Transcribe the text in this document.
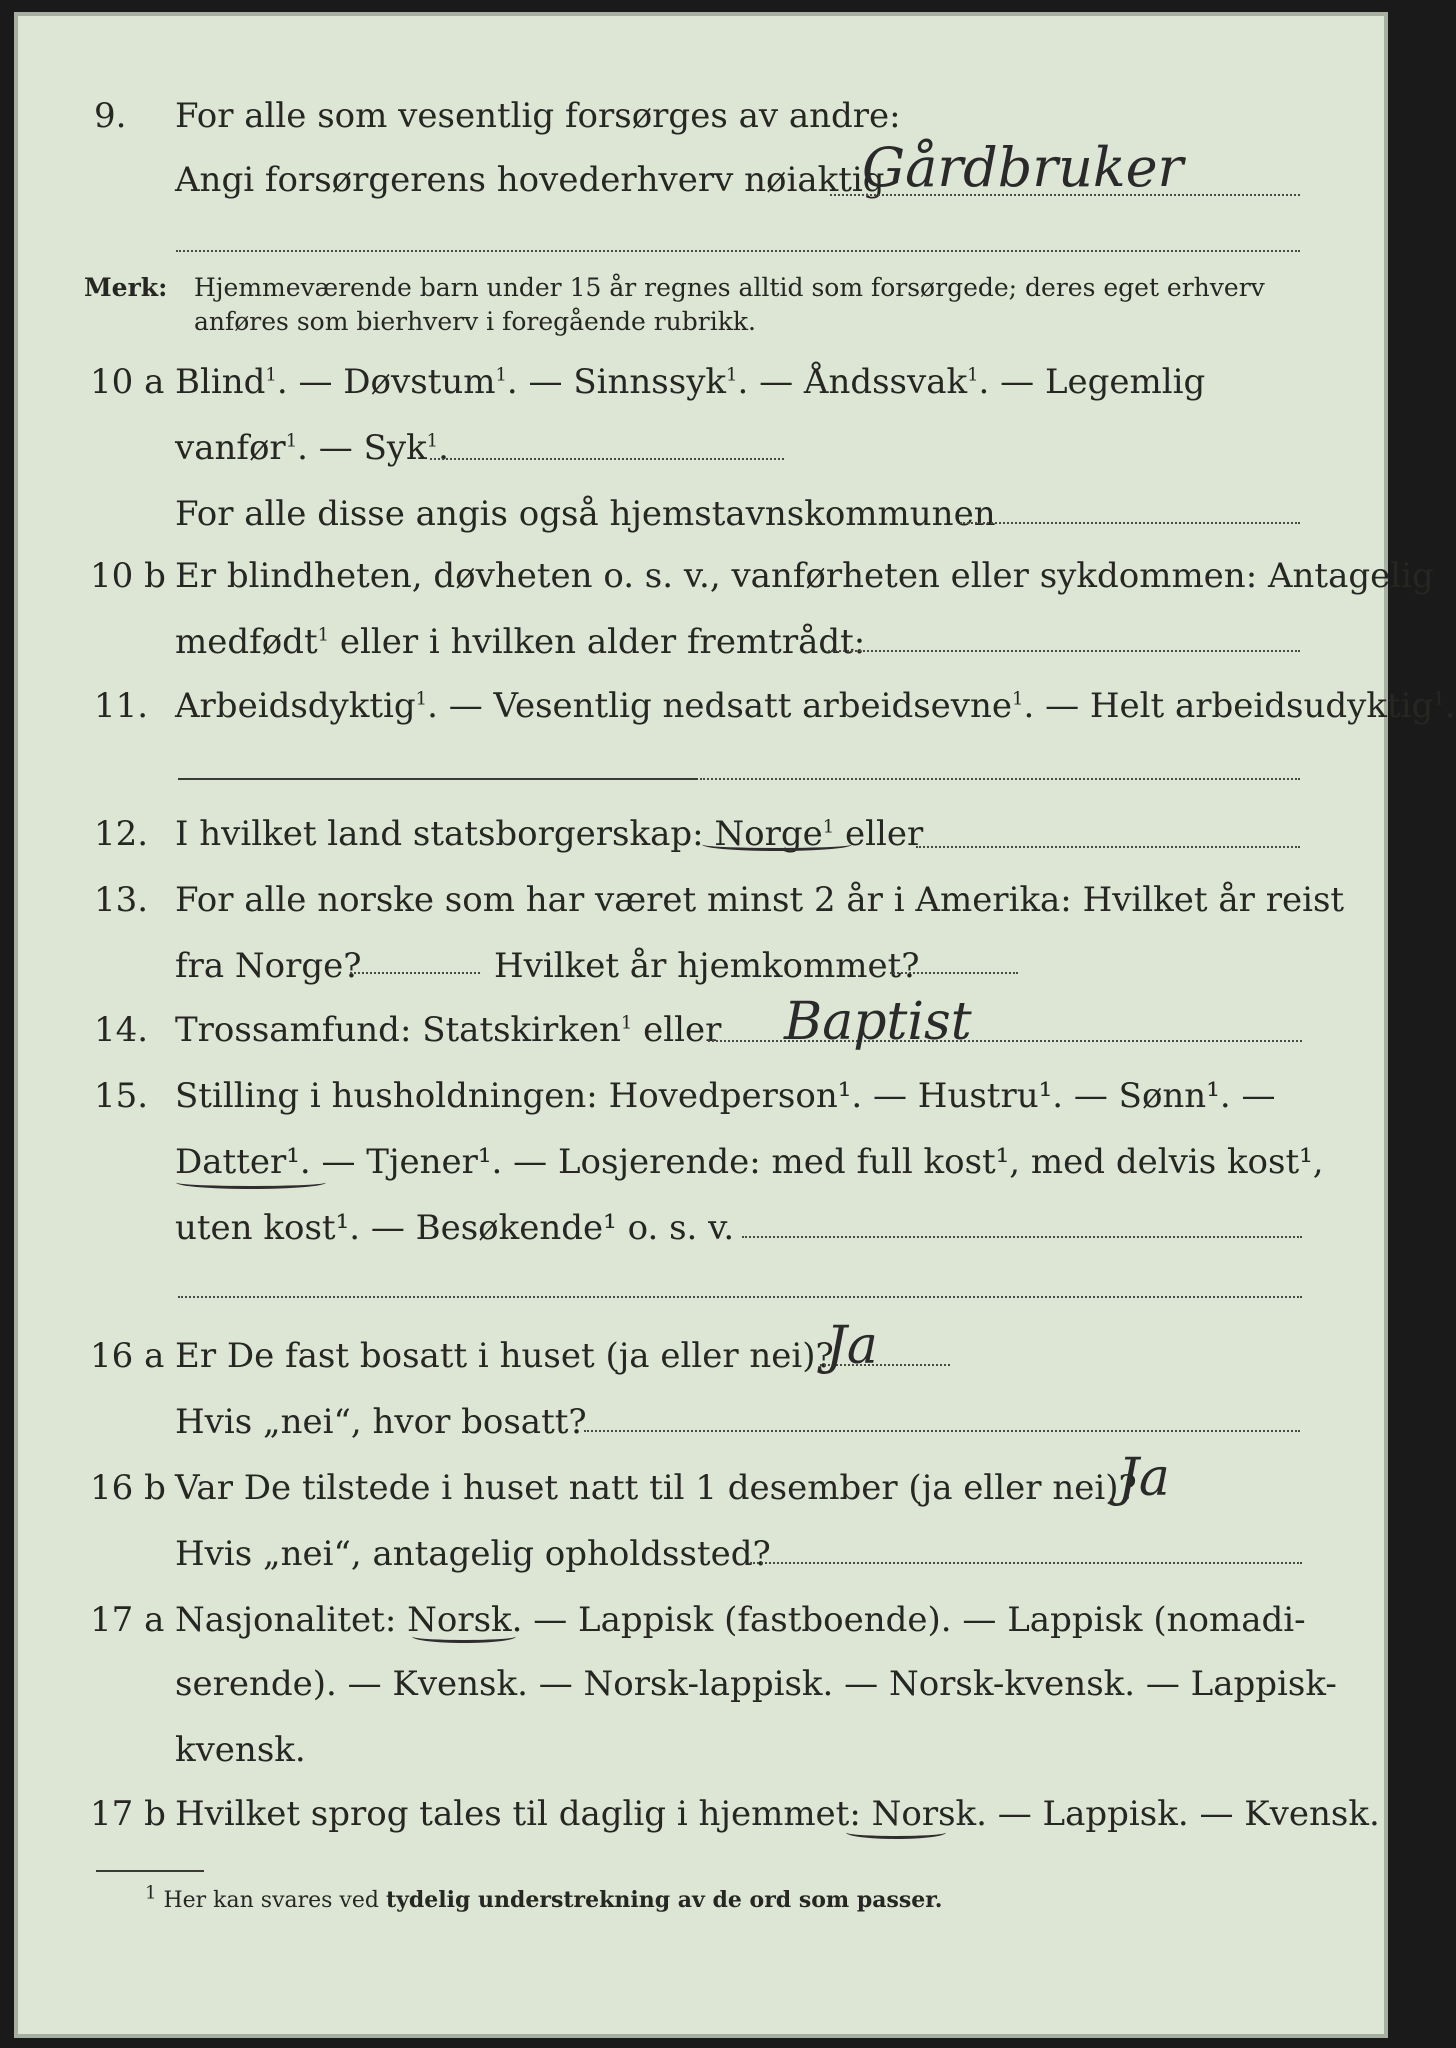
9. For alle som vesentlig forsørges av andre:
Angi forsørgerens hovederhverv nøiaktig
Gårdbruker
Merk: Hjemmeværende barn under 15 år regnes alltid som forsørgede; deres eget erhverv
anføres som bierhverv i foregående rubrikk.
10 a Blind$^1$. — Døvstum$^1$. — Sinnssyk$^1$. — Åndssvak$^1$. — Legemlig
vanfør$^1$. — Syk$^1$.
For alle disse angis også hjemstavnskommunen
10 b Er blindheten, døvheten o. s. v., vanførheten eller sykdommen: Antagelig
medfødt$^1$ eller i hvilken alder fremtrådt:
11. Arbeidsdyktig$^1$. — Vesentlig nedsatt arbeidsevne$^1$. — Helt arbeidsudyktig$^1$.
12. I hvilket land statsborgerskap: Norge$^1$ eller
13. For alle norske som har været minst 2 år i Amerika: Hvilket år reist
fra Norge?	Hvilket år hjemkommet?
14. Trossamfund: Statskirken$^1$ eller Baptist
15. Stilling i husholdningen: Hovedperson¹. — Hustru¹. — Sønn¹. —
Datter¹. — Tjener¹. — Losjerende: med full kost¹, med delvis kost¹,
uten kost¹. — Besøkende¹ o. s. v.
16 a Er De fast bosatt i huset (ja eller nei)?
Ja
Hvis „nei“, hvor bosatt?
16 b Var De tilstede i huset natt til 1 desember (ja eller nei)?
Ja
Hvis „nei“, antagelig opholdssted?
17 a Nasjonalitet: Norsk. — Lappisk (fastboende). — Lappisk (nomadi-
serende). — Kvensk. — Norsk-lappisk. — Norsk-kvensk. — Lappisk-
kvensk.
17 b Hvilket sprog tales til daglig i hjemmet: Norsk. — Lappisk. — Kvensk.
$^1$ Her kan svares ved tydelig understrekning av de ord som passer.
